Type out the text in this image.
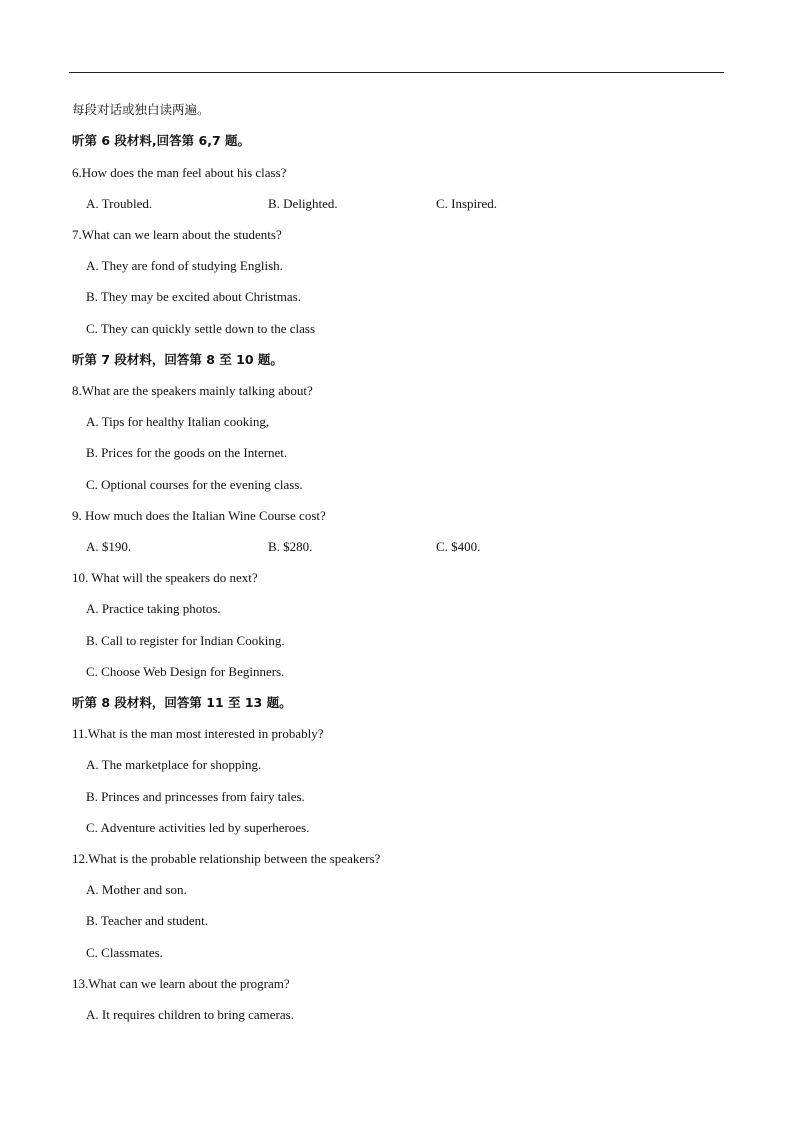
每段对话或独白读两遍。
听第 6 段材料,回答第 6,7 题。
6.How does the man feel about his class?
A. Troubled.	B. Delighted.	C. Inspired.
7.What can we learn about the students?
A. They are fond of studying English.
B. They may be excited about Christmas.
C. They can quickly settle down to the class
听第 7 段材料，回答第 8 至 10 题。
8.What are the speakers mainly talking about?
A. Tips for healthy Italian cooking,
B. Prices for the goods on the Internet.
C. Optional courses for the evening class.
9. How much does the Italian Wine Course cost?
A. $190.	B. $280.	C. $400.
10. What will the speakers do next?
A. Practice taking photos.
B. Call to register for Indian Cooking.
C. Choose Web Design for Beginners.
听第 8 段材料，回答第 11 至 13 题。
11.What is the man most interested in probably?
A. The marketplace for shopping.
B. Princes and princesses from fairy tales.
C. Adventure activities led by superheroes.
12.What is the probable relationship between the speakers?
A. Mother and son.
B. Teacher and student.
C. Classmates.
13.What can we learn about the program?
A. It requires children to bring cameras.
